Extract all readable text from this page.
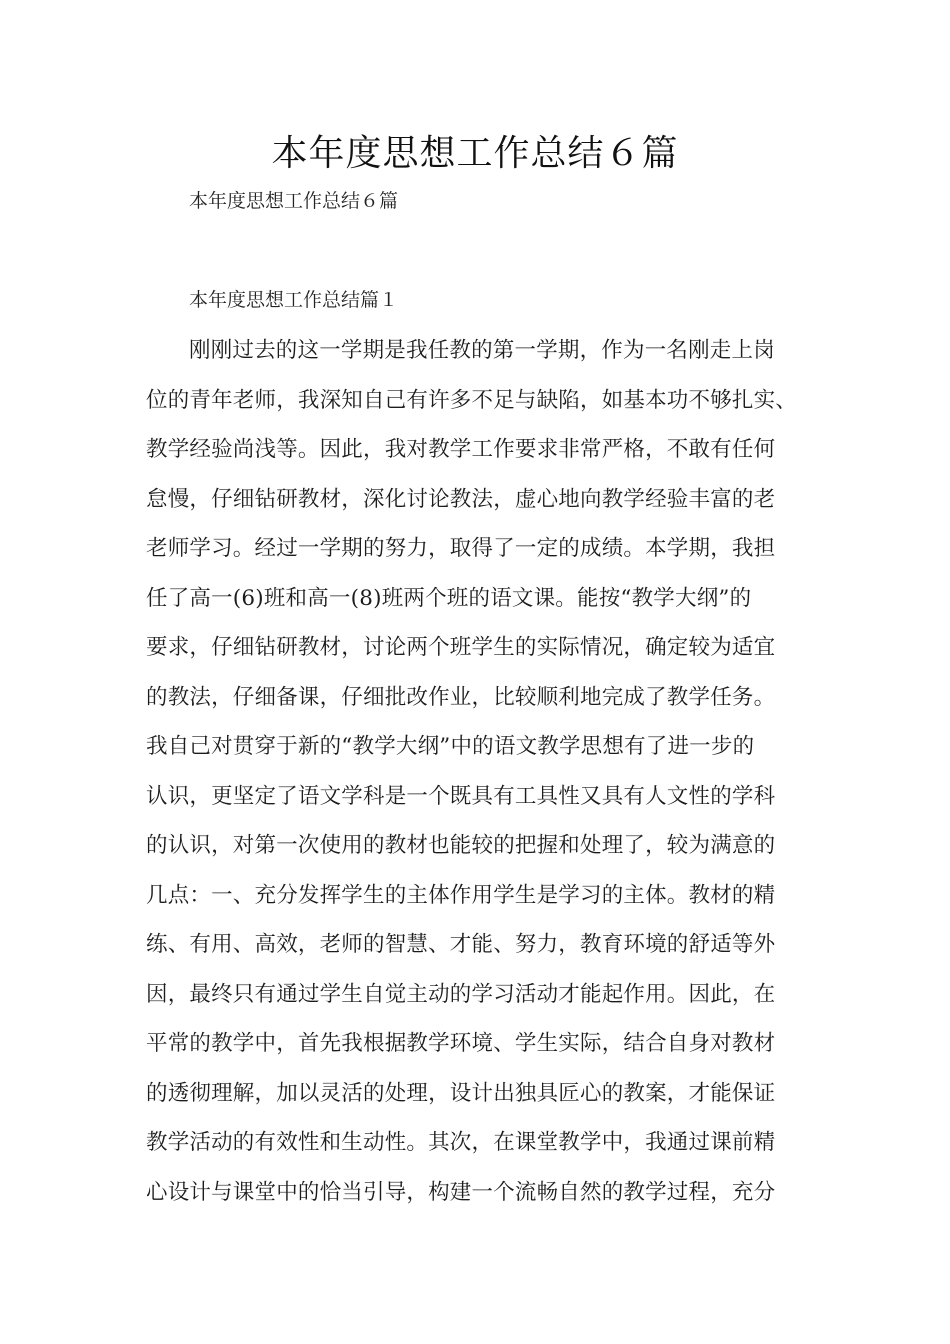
本年度思想工作总结６篇
本年度思想工作总结６篇
本年度思想工作总结篇１
刚刚过去的这一学期是我任教的第一学期，作为一名刚走上岗
位的青年老师，我深知自己有许多不足与缺陷，如基本功不够扎实、
教学经验尚浅等。因此，我对教学工作要求非常严格，不敢有任何
怠慢，仔细钻研教材，深化讨论教法，虚心地向教学经验丰富的老
老师学习。经过一学期的努力，取得了一定的成绩。本学期，我担
任了高一(6)班和高一(8)班两个班的语文课。能按“教学大纲”的
要求，仔细钻研教材，讨论两个班学生的实际情况，确定较为适宜
的教法，仔细备课，仔细批改作业，比较顺利地完成了教学任务。
我自己对贯穿于新的“教学大纲”中的语文教学思想有了进一步的
认识，更坚定了语文学科是一个既具有工具性又具有人文性的学科
的认识，对第一次使用的教材也能较的把握和处理了，较为满意的
几点：一、充分发挥学生的主体作用学生是学习的主体。教材的精
练、有用、高效，老师的智慧、才能、努力，教育环境的舒适等外
因，最终只有通过学生自觉主动的学习活动才能起作用。因此，在
平常的教学中，首先我根据教学环境、学生实际，结合自身对教材
的透彻理解，加以灵活的处理，设计出独具匠心的教案，才能保证
教学活动的有效性和生动性。其次，在课堂教学中，我通过课前精
心设计与课堂中的恰当引导，构建一个流畅自然的教学过程，充分
